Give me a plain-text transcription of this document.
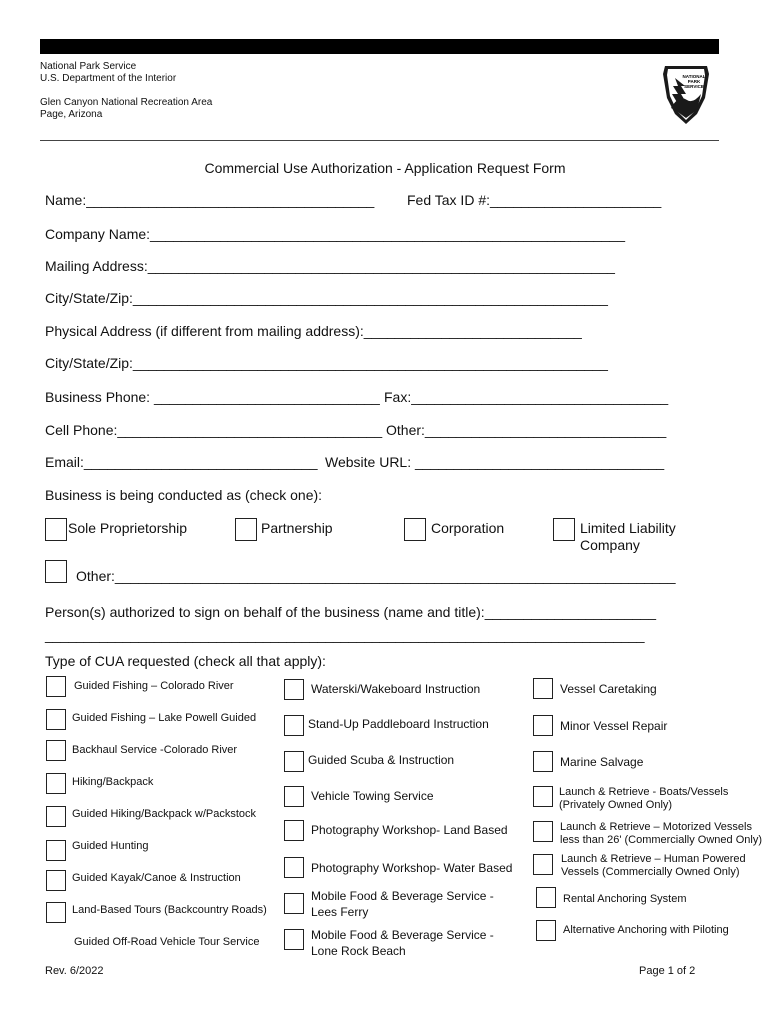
National Park Service
U.S. Department of the Interior
Glen Canyon National Recreation Area
Page, Arizona
NATIONAL
PARK
SERVICE
Commercial Use Authorization - Application Request Form
Name:_____________________________________ Fed Tax ID #:______________________
Company Name:_____________________________________________________________
Mailing Address:____________________________________________________________
City/State/Zip:_____________________________________________________________
Physical Address (if different from mailing address):____________________________
City/State/Zip:_____________________________________________________________
Business Phone: _____________________________ Fax:_________________________________
Cell Phone:__________________________________ Other:_______________________________
Email:______________________________ Website URL: ________________________________
Business is being conducted as (check one):
Sole Proprietorship	Partnership	Corporation	Limited Liability
Company
Other:________________________________________________________________________
Person(s) authorized to sign on behalf of the business (name and title):______________________
_____________________________________________________________________________
Type of CUA requested (check all that apply):
Guided Fishing – Colorado River
Guided Fishing – Lake Powell Guided
Backhaul Service -Colorado River
Hiking/Backpack
Guided Hiking/Backpack w/Packstock
Guided Hunting
Guided Kayak/Canoe & Instruction
Land-Based Tours (Backcountry Roads)
Guided Off-Road Vehicle Tour Service
Waterski/Wakeboard Instruction
Stand-Up Paddleboard Instruction
Guided Scuba & Instruction
Vehicle Towing Service
Photography Workshop- Land Based
Photography Workshop- Water Based
Mobile Food & Beverage Service -
Lees Ferry
Mobile Food & Beverage Service -
Lone Rock Beach
Vessel Caretaking
Minor Vessel Repair
Marine Salvage
Launch & Retrieve - Boats/Vessels
(Privately Owned Only)
Launch & Retrieve – Motorized Vessels
less than 26' (Commercially Owned Only)
Launch & Retrieve – Human Powered
Vessels (Commercially Owned Only)
Rental Anchoring System
Alternative Anchoring with Piloting
Rev. 6/2022	Page 1 of 2
